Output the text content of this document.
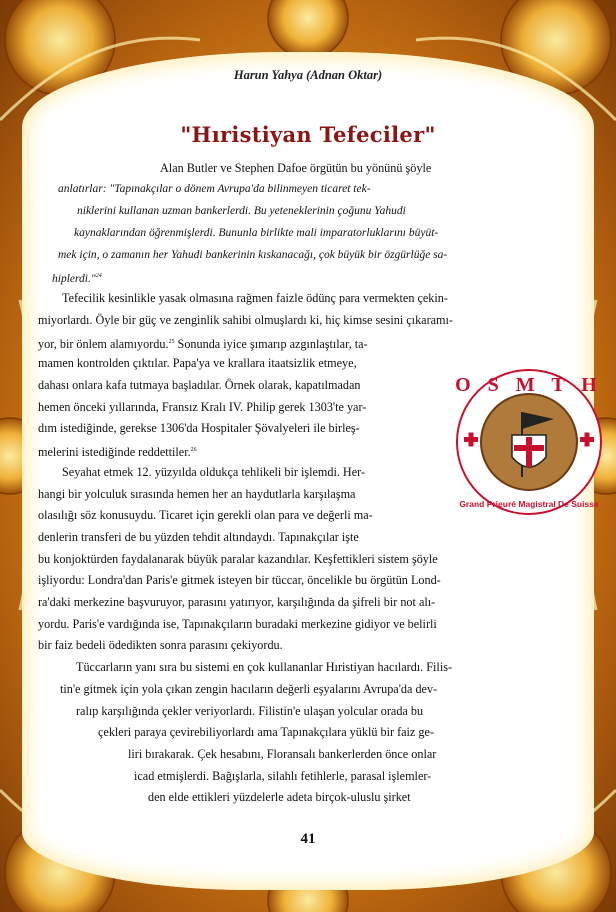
Harun Yahya (Adnan Oktar)
"Hıristiyan Tefeciler"
Alan Butler ve Stephen Dafoe örgütün bu yönünü şöyle
anlatırlar: "Tapınakçılar o dönem Avrupa'da bilinmeyen ticaret tek-
niklerini kullanan uzman bankerlerdi. Bu yeteneklerinin çoğunu Yahudi
kaynaklarından öğrenmişlerdi. Bununla birlikte mali imparatorluklarını büyüt-
mek için, o zamanın her Yahudi bankerinin kıskanacağı, çok büyük bir özgürlüğe sa-
hiplerdi."$^{24}$
Tefecilik kesinlikle yasak olmasına rağmen faizle ödünç para vermekten çekin-
miyorlardı. Öyle bir güç ve zenginlik sahibi olmuşlardı ki, hiç kimse sesini çıkaramı-
yor, bir önlem alamıyordu.$^{25}$ Sonunda iyice şımarıp azgınlaştılar, ta-
mamen kontrolden çıktılar. Papa'ya ve krallara itaatsizlik etmeye,
dahası onlara kafa tutmaya başladılar. Örnek olarak, kapatılmadan
hemen önceki yıllarında, Fransız Kralı IV. Philip gerek 1303'te yar-
dım istediğinde, gerekse 1306'da Hospitaler Şövalyeleri ile birleş-
melerini istediğinde reddettiler.$^{26}$
Seyahat etmek 12. yüzyılda oldukça tehlikeli bir işlemdi. Her-
hangi bir yolculuk sırasında hemen her an haydutlarla karşılaşma
olasılığı söz konusuydu. Ticaret için gerekli olan para ve değerli ma-
denlerin transferi de bu yüzden tehdit altındaydı. Tapınakçılar işte
bu konjoktürden faydalanarak büyük paralar kazandılar. Keşfettikleri sistem şöyle
işliyordu: Londra'dan Paris'e gitmek isteyen bir tüccar, öncelikle bu örgütün Lond-
ra'daki merkezine başvuruyor, parasını yatırıyor, karşılığında da şifreli bir not alı-
yordu. Paris'e vardığında ise, Tapınakçıların buradaki merkezine gidiyor ve belirli
bir faiz bedeli ödedikten sonra parasını çekiyordu.
Tüccarların yanı sıra bu sistemi en çok kullananlar Hıristiyan hacılardı. Filis-
tin'e gitmek için yola çıkan zengin hacıların değerli eşyalarını Avrupa'da dev-
ralıp karşılığında çekler veriyorlardı. Filistin'e ulaşan yolcular orada bu
çekleri paraya çevirebiliyorlardı ama Tapınakçılara yüklü bir faiz ge-
liri bırakarak. Çek hesabını, Floransalı bankerlerden önce onlar
icad etmişlerdi. Bağışlarla, silahlı fetihlerle, parasal işlemler-
den elde ettikleri yüzdelerle adeta birçok-uluslu şirket
O S M T H
Grand Prieuré Magistral De Suisse
41
